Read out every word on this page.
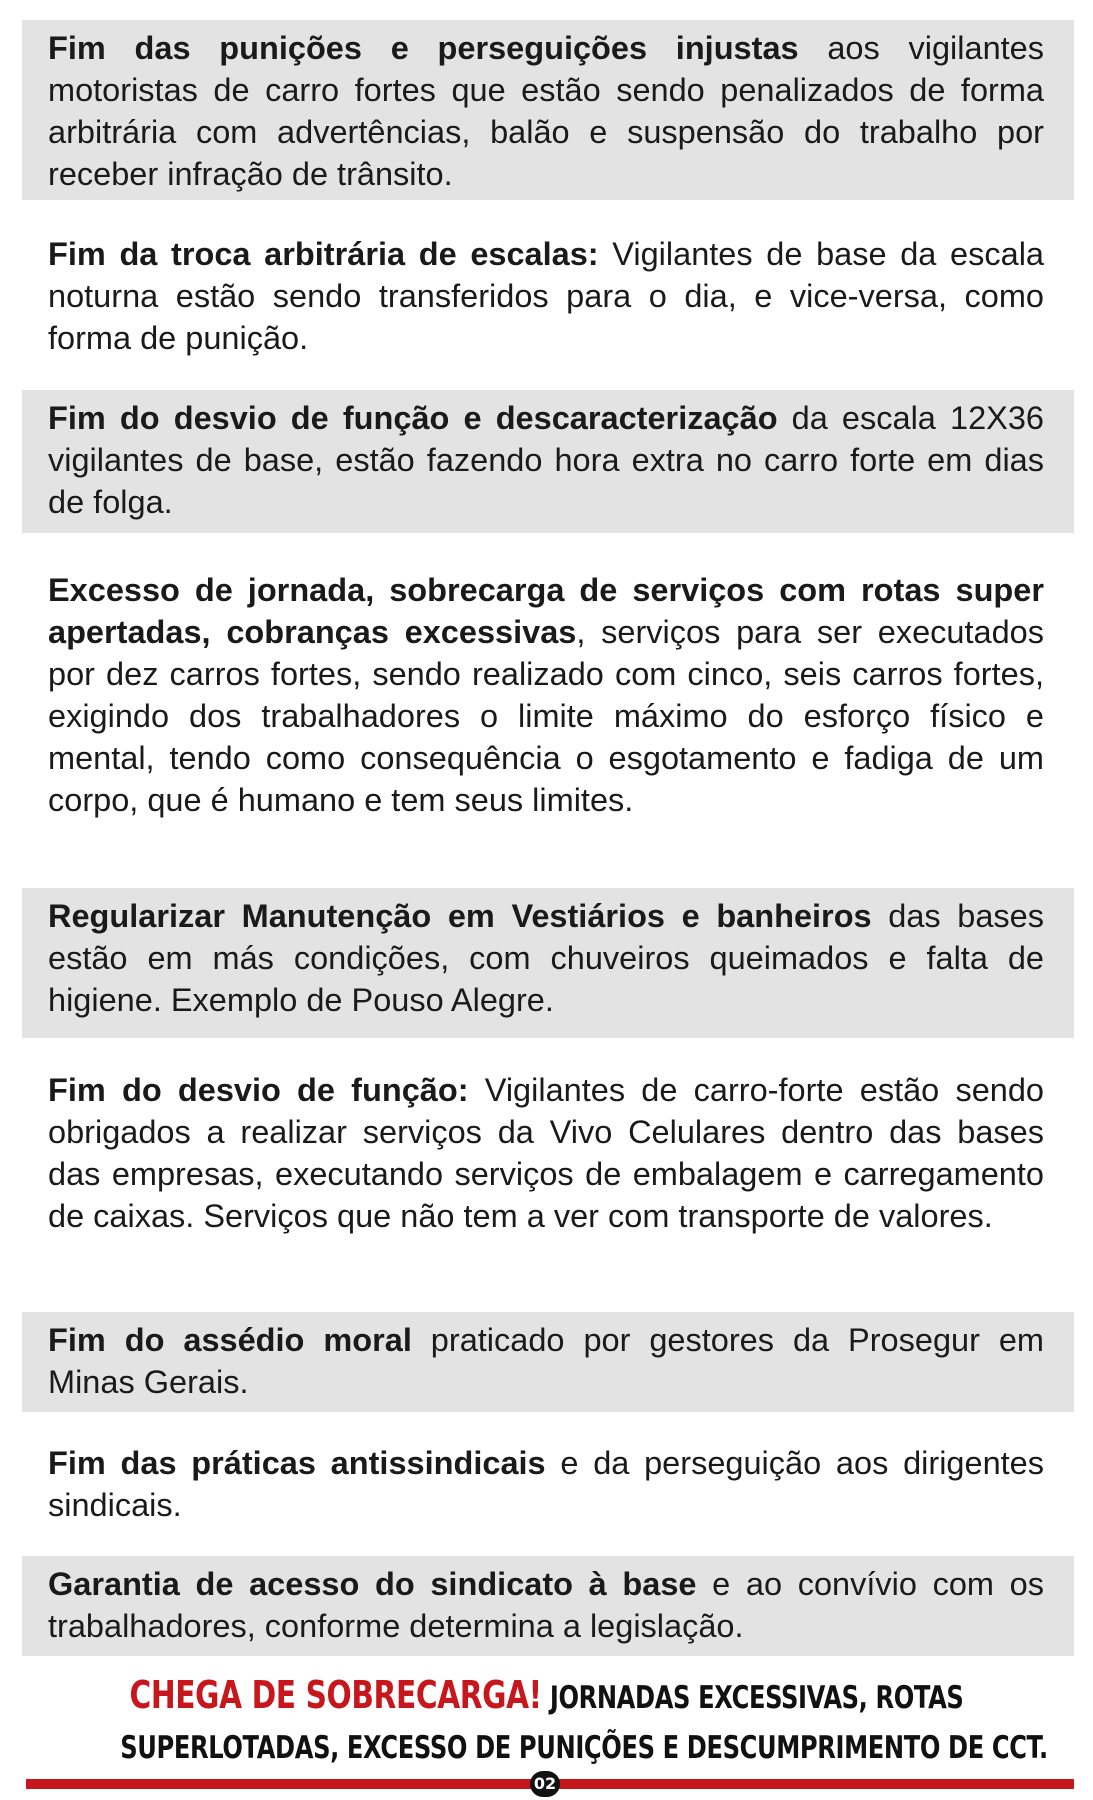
Fim das punições e perseguições injustas aos vigilantes motoristas de carro fortes que estão sendo penalizados de forma arbitrária com advertências, balão e suspensão do trabalho por receber infração de trânsito.
Fim da troca arbitrária de escalas: Vigilantes de base da escala noturna estão sendo transferidos para o dia, e vice-versa, como forma de punição.
Fim do desvio de função e descaracterização da escala 12X36 vigilantes de base, estão fazendo hora extra no carro forte em dias de folga.
Excesso de jornada, sobrecarga de serviços com rotas super apertadas, cobranças excessivas, serviços para ser executados por dez carros fortes, sendo realizado com cinco, seis carros fortes, exigindo dos trabalhadores o limite máximo do esforço físico e mental, tendo como consequência o esgotamento e fadiga de um corpo, que é humano e tem seus limites.
Regularizar Manutenção em Vestiários e banheiros das bases estão em más condições, com chuveiros queimados e falta de higiene. Exemplo de Pouso Alegre.
Fim do desvio de função: Vigilantes de carro-forte estão sendo obrigados a realizar serviços da Vivo Celulares dentro das bases das empresas, executando serviços de embalagem e carregamento de caixas. Serviços que não tem a ver com transporte de valores.
Fim do assédio moral praticado por gestores da Prosegur em Minas Gerais.
Fim das práticas antissindicais e da perseguição aos dirigentes sindicais.
Garantia de acesso do sindicato à base e ao convívio com os trabalhadores, conforme determina a legislação.
CHEGA DE SOBRECARGA! JORNADAS EXCESSIVAS, ROTAS
SUPERLOTADAS, EXCESSO DE PUNIÇÕES E DESCUMPRIMENTO DE CCT.
02
